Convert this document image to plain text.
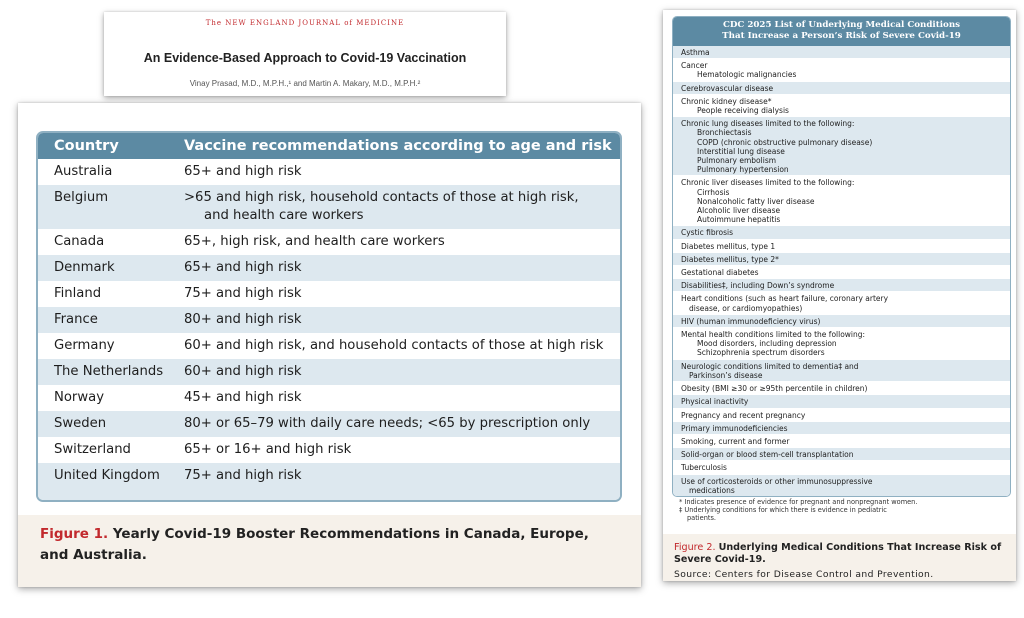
The NEW ENGLAND JOURNAL of MEDICINE
An Evidence-Based Approach to Covid-19 Vaccination
Vinay Prasad, M.D., M.P.H.,¹ and Martin A. Makary, M.D., M.P.H.²
Country	Vaccine recommendations according to age and risk
Australia	65+ and high risk
Belgium	>65 and high risk, household contacts of those at high risk,
and health care workers
Canada	65+, high risk, and health care workers
Denmark	65+ and high risk
Finland	75+ and high risk
France	80+ and high risk
Germany	60+ and high risk, and household contacts of those at high risk
The Netherlands	60+ and high risk
Norway	45+ and high risk
Sweden	80+ or 65–79 with daily care needs; <65 by prescription only
Switzerland	65+ or 16+ and high risk
United Kingdom	75+ and high risk
Figure 1. Yearly Covid-19 Booster Recommendations in Canada, Europe, and Australia.
CDC 2025 List of Underlying Medical Conditions
That Increase a Person’s Risk of Severe Covid-19
Asthma
Cancer
Hematologic malignancies
Cerebrovascular disease
Chronic kidney disease*
People receiving dialysis
Chronic lung diseases limited to the following:
Bronchiectasis
COPD (chronic obstructive pulmonary disease)
Interstitial lung disease
Pulmonary embolism
Pulmonary hypertension
Chronic liver diseases limited to the following:
Cirrhosis
Nonalcoholic fatty liver disease
Alcoholic liver disease
Autoimmune hepatitis
Cystic fibrosis
Diabetes mellitus, type 1
Diabetes mellitus, type 2*
Gestational diabetes
Disabilities‡, including Down’s syndrome
Heart conditions (such as heart failure, coronary artery
disease, or cardiomyopathies)
HIV (human immunodeficiency virus)
Mental health conditions limited to the following:
Mood disorders, including depression
Schizophrenia spectrum disorders
Neurologic conditions limited to dementia‡ and
Parkinson’s disease
Obesity (BMI ≥30 or ≥95th percentile in children)
Physical inactivity
Pregnancy and recent pregnancy
Primary immunodeficiencies
Smoking, current and former
Solid-organ or blood stem-cell transplantation
Tuberculosis
Use of corticosteroids or other immunosuppressive
medications
* Indicates presence of evidence for pregnant and nonpregnant women.
‡ Underlying conditions for which there is evidence in pediatric
patients.
Figure 2. Underlying Medical Conditions That Increase Risk of Severe Covid-19.
Source: Centers for Disease Control and Prevention.
